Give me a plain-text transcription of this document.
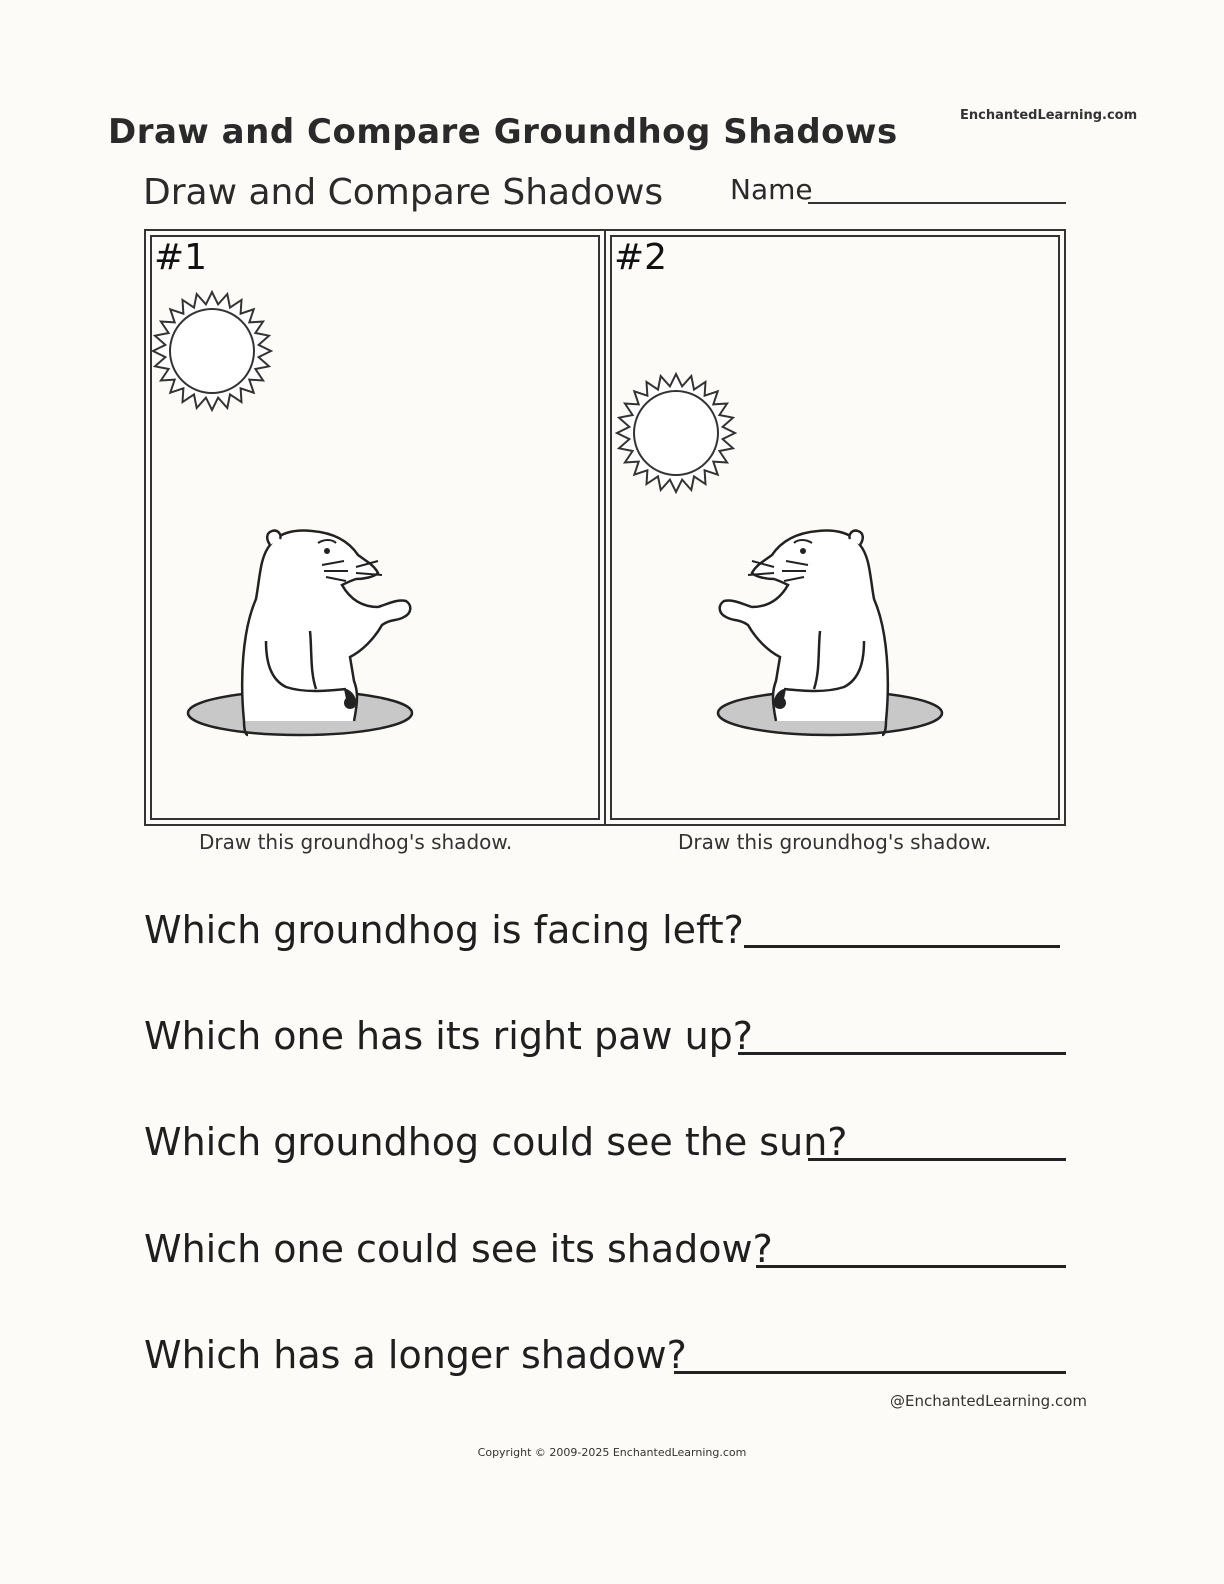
Draw and Compare Groundhog Shadows	EnchantedLearning.com
Draw and Compare Shadows Name
#1	#2
Draw this groundhog's shadow.	Draw this groundhog's shadow.
Which groundhog is facing left?
Which one has its right paw up?
Which groundhog could see the sun?
Which one could see its shadow?
Which has a longer shadow?
@EnchantedLearning.com
Copyright © 2009-2025 EnchantedLearning.com
